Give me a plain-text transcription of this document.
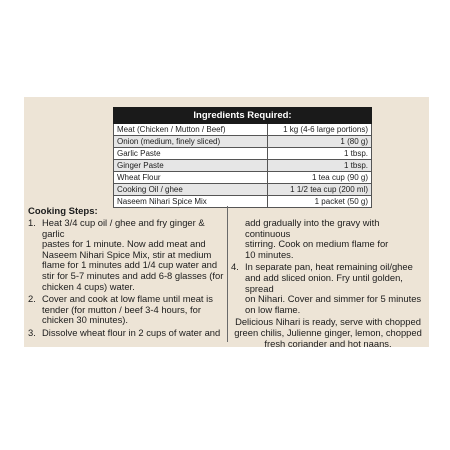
Ingredients Required:	
Meat (Chicken / Mutton / Beef)	1 kg (4-6 large portions)
Onion (medium, finely sliced)	1 (80 g)
Garlic Paste	1 tbsp.
Ginger Paste	1 tbsp.
Wheat Flour	1 tea cup (90 g)
Cooking Oil / ghee	1 1/2 tea cup (200 ml)
Naseem Nihari Spice Mix	1 packet (50 g)

Cooking Steps:

1. Heat 3/4 cup oil / ghee and fry ginger & garlic
pastes for 1 minute. Now add meat and
Naseem Nihari Spice Mix, stir at medium
flame for 1 minutes add 1/4 cup water and
stir for 5-7 minutes and add 6-8 glasses (for
chicken 4 cups) water.
2. Cover and cook at low flame until meat is
tender (for mutton / beef 3-4 hours, for
chicken 30 minutes).
3. Dissolve wheat flour in 2 cups of water and
add gradually into the gravy with continuous
stirring. Cook on medium flame for
10 minutes.
4. In separate pan, heat remaining oil/ghee
and add sliced onion. Fry until golden, spread
on Nihari. Cover and simmer for 5 minutes
on low flame.
Delicious Nihari is ready, serve with chopped
green chilis, Julienne ginger, lemon, chopped
fresh coriander and hot naans.
